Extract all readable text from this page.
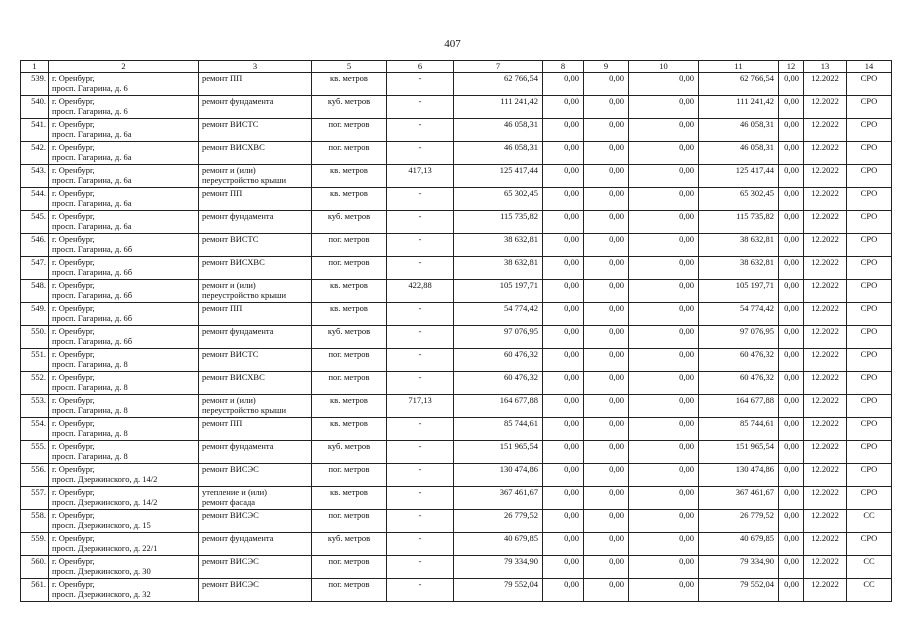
407
1	2	3	5	6	7	8	9	10	11	12	13	14
539.	г. Оренбург,
просп. Гагарина, д. 6	ремонт ПП	кв. метров	-	62 766,54	0,00	0,00	0,00	62 766,54	0,00	12.2022	СРО
540.	г. Оренбург,
просп. Гагарина, д. 6	ремонт фундамента	куб. метров	-	111 241,42	0,00	0,00	0,00	111 241,42	0,00	12.2022	СРО
541.	г. Оренбург,
просп. Гагарина, д. 6а	ремонт ВИСТС	пог. метров	-	46 058,31	0,00	0,00	0,00	46 058,31	0,00	12.2022	СРО
542.	г. Оренбург,
просп. Гагарина, д. 6а	ремонт ВИСХВС	пог. метров	-	46 058,31	0,00	0,00	0,00	46 058,31	0,00	12.2022	СРО
543.	г. Оренбург,
просп. Гагарина, д. 6а	ремонт и (или)
переустройство крыши	кв. метров	417,13	125 417,44	0,00	0,00	0,00	125 417,44	0,00	12.2022	СРО
544.	г. Оренбург,
просп. Гагарина, д. 6а	ремонт ПП	кв. метров	-	65 302,45	0,00	0,00	0,00	65 302,45	0,00	12.2022	СРО
545.	г. Оренбург,
просп. Гагарина, д. 6а	ремонт фундамента	куб. метров	-	115 735,82	0,00	0,00	0,00	115 735,82	0,00	12.2022	СРО
546.	г. Оренбург,
просп. Гагарина, д. 6б	ремонт ВИСТС	пог. метров	-	38 632,81	0,00	0,00	0,00	38 632,81	0,00	12.2022	СРО
547.	г. Оренбург,
просп. Гагарина, д. 6б	ремонт ВИСХВС	пог. метров	-	38 632,81	0,00	0,00	0,00	38 632,81	0,00	12.2022	СРО
548.	г. Оренбург,
просп. Гагарина, д. 6б	ремонт и (или)
переустройство крыши	кв. метров	422,88	105 197,71	0,00	0,00	0,00	105 197,71	0,00	12.2022	СРО
549.	г. Оренбург,
просп. Гагарина, д. 6б	ремонт ПП	кв. метров	-	54 774,42	0,00	0,00	0,00	54 774,42	0,00	12.2022	СРО
550.	г. Оренбург,
просп. Гагарина, д. 6б	ремонт фундамента	куб. метров	-	97 076,95	0,00	0,00	0,00	97 076,95	0,00	12.2022	СРО
551.	г. Оренбург,
просп. Гагарина, д. 8	ремонт ВИСТС	пог. метров	-	60 476,32	0,00	0,00	0,00	60 476,32	0,00	12.2022	СРО
552.	г. Оренбург,
просп. Гагарина, д. 8	ремонт ВИСХВС	пог. метров	-	60 476,32	0,00	0,00	0,00	60 476,32	0,00	12.2022	СРО
553.	г. Оренбург,
просп. Гагарина, д. 8	ремонт и (или)
переустройство крыши	кв. метров	717,13	164 677,88	0,00	0,00	0,00	164 677,88	0,00	12.2022	СРО
554.	г. Оренбург,
просп. Гагарина, д. 8	ремонт ПП	кв. метров	-	85 744,61	0,00	0,00	0,00	85 744,61	0,00	12.2022	СРО
555.	г. Оренбург,
просп. Гагарина, д. 8	ремонт фундамента	куб. метров	-	151 965,54	0,00	0,00	0,00	151 965,54	0,00	12.2022	СРО
556.	г. Оренбург,
просп. Дзержинского, д. 14/2	ремонт ВИСЭС	пог. метров	-	130 474,86	0,00	0,00	0,00	130 474,86	0,00	12.2022	СРО
557.	г. Оренбург,
просп. Дзержинского, д. 14/2	утепление и (или)
ремонт фасада	кв. метров	-	367 461,67	0,00	0,00	0,00	367 461,67	0,00	12.2022	СРО
558.	г. Оренбург,
просп. Дзержинского, д. 15	ремонт ВИСЭС	пог. метров	-	26 779,52	0,00	0,00	0,00	26 779,52	0,00	12.2022	СС
559.	г. Оренбург,
просп. Дзержинского, д. 22/1	ремонт фундамента	куб. метров	-	40 679,85	0,00	0,00	0,00	40 679,85	0,00	12.2022	СРО
560.	г. Оренбург,
просп. Дзержинского, д. 30	ремонт ВИСЭС	пог. метров	-	79 334,90	0,00	0,00	0,00	79 334,90	0,00	12.2022	СС
561.	г. Оренбург,
просп. Дзержинского, д. 32	ремонт ВИСЭС	пог. метров	-	79 552,04	0,00	0,00	0,00	79 552,04	0,00	12.2022	СС
